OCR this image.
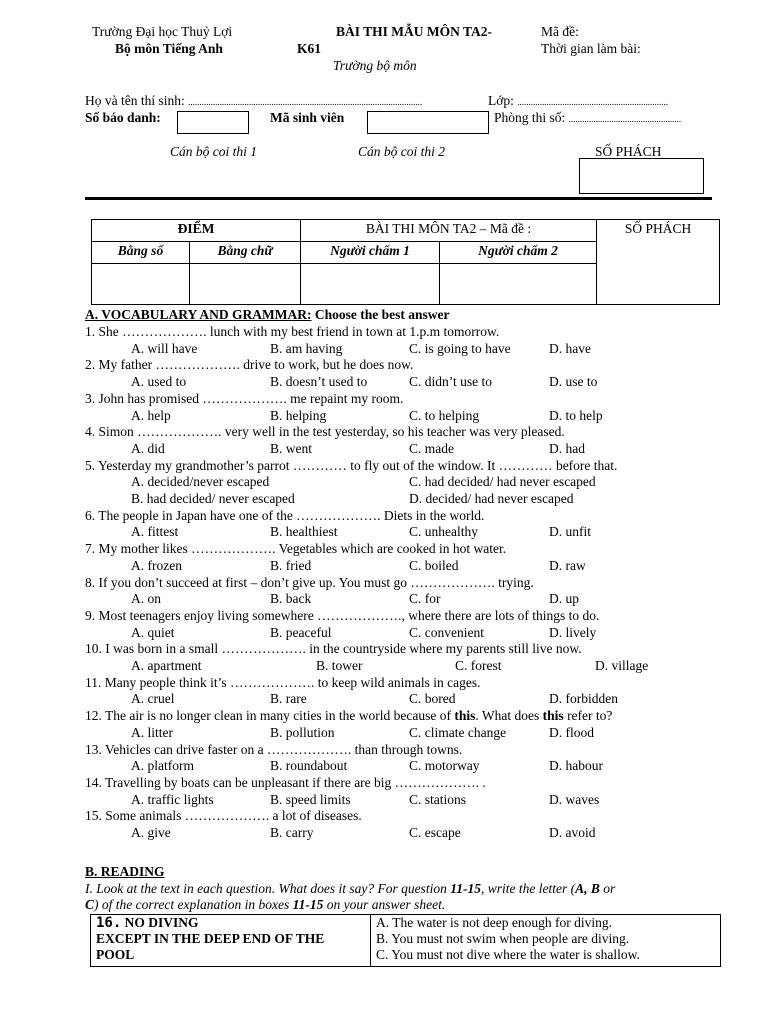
Trường Đại học Thuỷ Lợi
Bộ môn Tiếng Anh
BÀI THI MẪU MÔN TA2-
K61
Trường bộ môn
Mã đề:
Thời gian làm bài:
Họ và tên thí sinh: ........................................................................................................	Lớp: ...................................................................
Số báo danh:	Mã sinh viên	Phòng thi số: ..................................................
Cán bộ coi thi 1	Cán bộ coi thi 2	SỐ PHÁCH
ĐIỂM		BÀI THI MÔN TA2 – Mã đề :		SỐ PHÁCH
Bằng số	Bằng chữ	Người chấm 1	Người chấm 2	

A. VOCABULARY AND GRAMMAR: Choose the best answer
1. She ………………. lunch with my best friend in town at 1.p.m tomorrow.
A. will have	B. am having	C. is going to have	D. have
2. My father ………………. drive to work, but he does now.
A. used to	B. doesn’t used to	C. didn’t use to	D. use to
3. John has promised ………………. me repaint my room.
A. help	B. helping	C. to helping	D. to help
4. Simon ………………. very well in the test yesterday, so his teacher was very pleased.
A. did	B. went	C. made	D. had
5. Yesterday my grandmother’s parrot ………… to fly out of the window. It ………… before that.
A. decided/never escaped	C. had decided/ had never escaped
B. had decided/ never escaped	D. decided/ had never escaped
6. The people in Japan have one of the ………………. Diets in the world.
A. fittest	B. healthiest	C. unhealthy	D. unfit
7. My mother likes ………………. Vegetables which are cooked in hot water.
A. frozen	B. fried	C. boiled	D. raw
8. If you don’t succeed at first – don’t give up. You must go ………………. trying.
A. on	B. back	C. for	D. up
9. Most teenagers enjoy living somewhere ………………., where there are lots of things to do.
A. quiet	B. peaceful	C. convenient	D. lively
10. I was born in a small ………………. in the countryside where my parents still live now.
A. apartment	B. tower	C. forest	D. village
11. Many people think it’s ………………. to keep wild animals in cages.
A. cruel	B. rare	C. bored	D. forbidden
12. The air is no longer clean in many cities in the world because of this. What does this refer to?
A. litter	B. pollution	C. climate change	D. flood
13. Vehicles can drive faster on a ………………. than through towns.
A. platform	B. roundabout	C. motorway	D. habour
14. Travelling by boats can be unpleasant if there are big ………………. .
A. traffic lights	B. speed limits	C. stations	D. waves
15. Some animals ………………. a lot of diseases.
A. give	B. carry	C. escape	D. avoid
B. READING
I. Look at the text in each question. What does it say? For question 11-15, write the letter (A, B or
C) of the correct explanation in boxes 11-15 on your answer sheet.
16. NO DIVING
EXCEPT IN THE DEEP END OF THE
POOL

A. The water is not deep enough for diving.
B. You must not swim when people are diving.
C. You must not dive where the water is shallow.
